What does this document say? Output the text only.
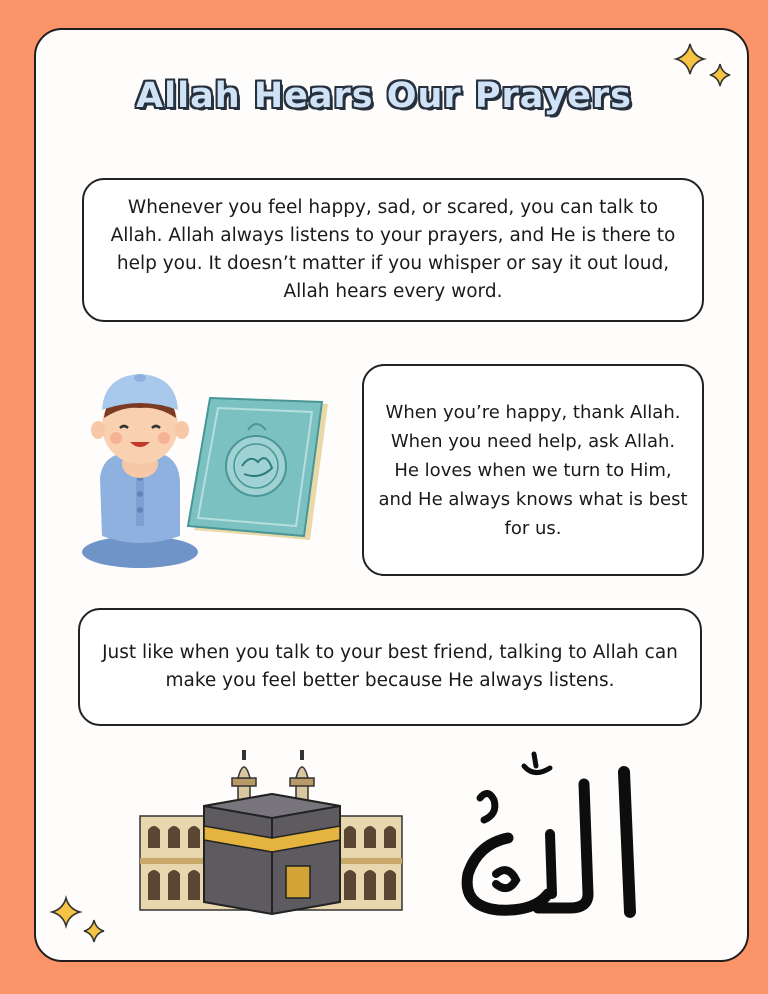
Allah Hears Our Prayers
Whenever you feel happy, sad, or scared, you can talk to Allah. Allah always listens to your prayers, and He is there to help you. It doesn’t matter if you whisper or say it out loud, Allah hears every word.
When you’re happy, thank Allah. When you need help, ask Allah. He loves when we turn to Him, and He always knows what is best for us.
Just like when you talk to your best friend, talking to Allah can make you feel better because He always listens.
